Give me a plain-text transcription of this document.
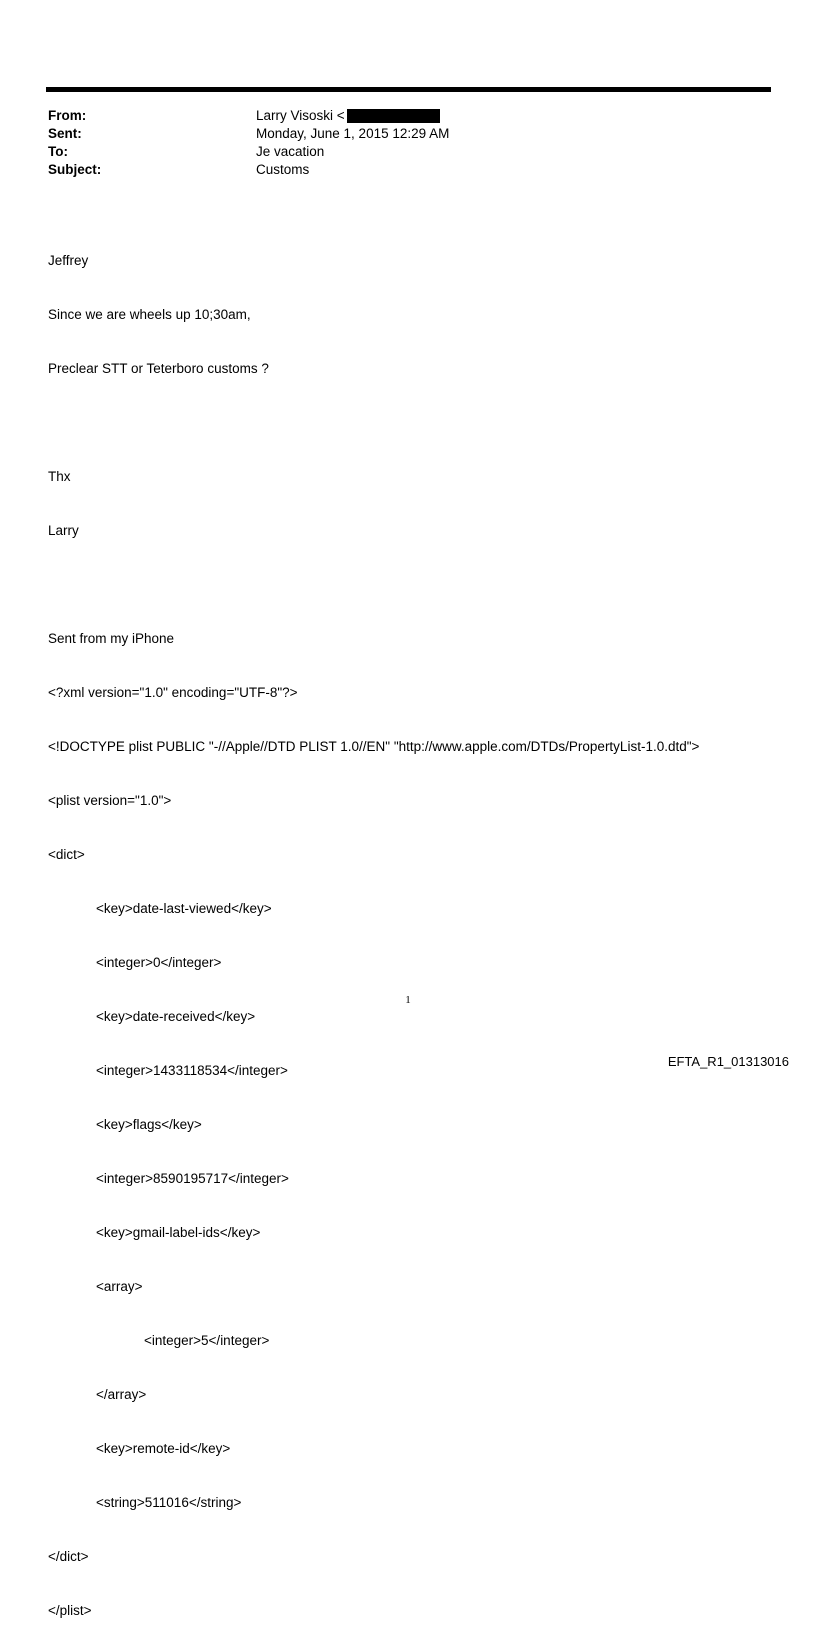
From:	Larry Visoski <
Sent:	Monday, June 1, 2015 12:29 AM
To:	Je vacation
Subject:	Customs

Jeffrey

Since we are wheels up 10;30am,

Preclear STT or Teterboro customs ?

Thx

Larry

Sent from my iPhone

<?xml version="1.0" encoding="UTF-8"?>

<!DOCTYPE plist PUBLIC "-//Apple//DTD PLIST 1.0//EN" "http://www.apple.com/DTDs/PropertyList-1.0.dtd">

<plist version="1.0">

<dict>

<key>date-last-viewed</key>

<integer>0</integer>

<key>date-received</key>

<integer>1433118534</integer>

<key>flags</key>

<integer>8590195717</integer>

<key>gmail-label-ids</key>

<array>

<integer>5</integer>

</array>

<key>remote-id</key>

<string>511016</string>

</dict>

</plist>

1
EFTA_R1_01313016
